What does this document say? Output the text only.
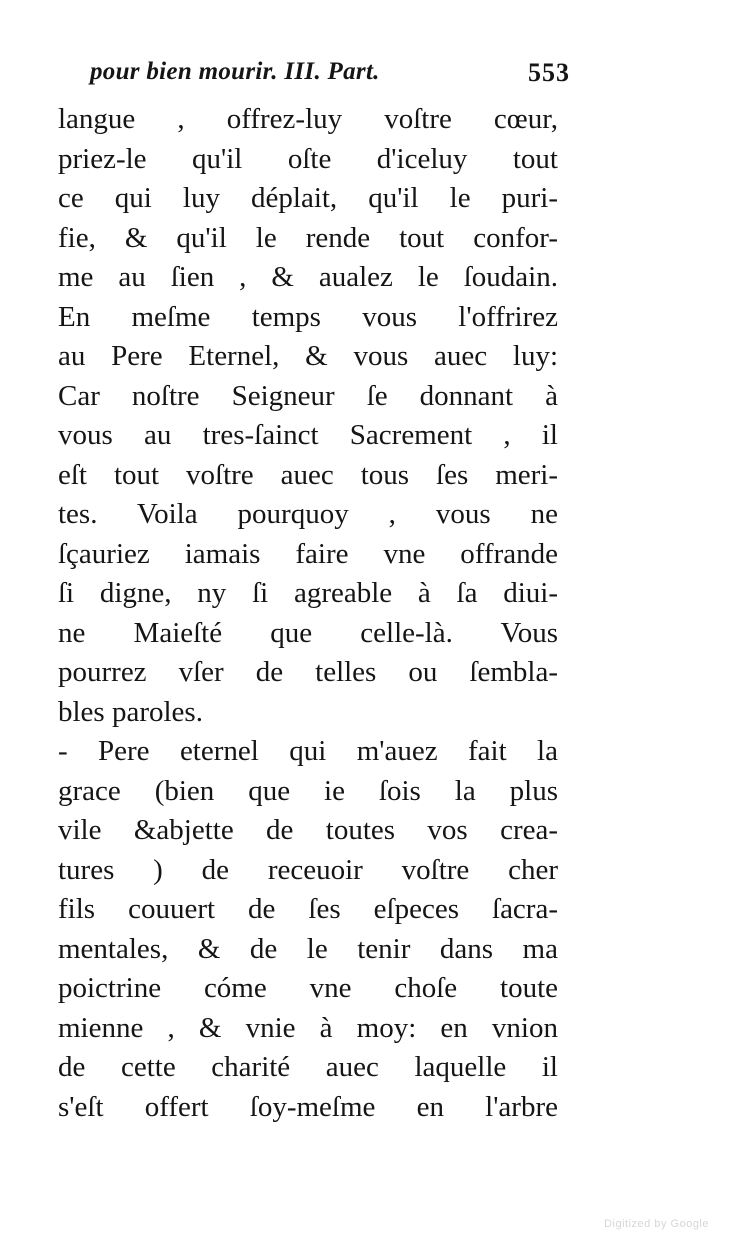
pour bien mourir. III. Part.	553
langue , offrez-luy voſtre cœur,
priez-le qu'il oſte d'iceluy tout
ce qui luy déplait, qu'il le puri-
fie, & qu'il le rende tout confor-
me au ſien , & aualez le ſoudain.
En meſme temps vous l'offrirez
au Pere Eternel, & vous auec luy:
Car noſtre Seigneur ſe donnant à
vous au tres-ſainct Sacrement , il
eſt tout voſtre auec tous ſes meri-
tes. Voila pourquoy , vous ne
ſçauriez iamais faire vne offrande
ſi digne, ny ſi agreable à ſa diui-
ne Maieſté que celle-là. Vous
pourrez vſer de telles ou ſembla-
bles paroles.
- Pere eternel qui m'auez fait la
grace (bien que ie ſois la plus
vile &abjette de toutes vos crea-
tures ) de receuoir voſtre cher
fils couuert de ſes eſpeces ſacra-
mentales, & de le tenir dans ma
poictrine cóme vne choſe toute
mienne , & vnie à moy: en vnion
de cette charité auec laquelle il
s'eſt offert ſoy-meſme en l'arbre
Digitized by Google
